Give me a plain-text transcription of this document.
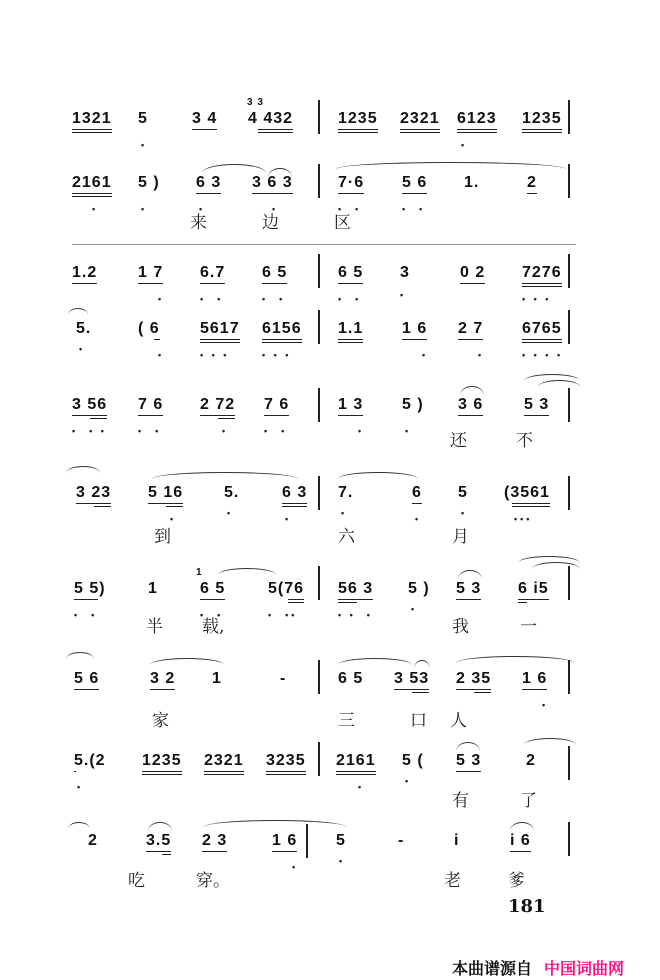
1321 5
•
3 4
3 3
4 432	1235 2321 6123
•
1235
2161
•
5 )
•
6 3
•
3 6 3
•
7·6
•  •
5 6
•  •
1.	2
来	边	区
1.2	1 7
•
6.7
•  •
6 5
•  •
6 5
•  •
3
•
0 2 7276
• • •
5.
•
( 6
•
5617
• • •
6156
• • •
1.1 1 6
•
2 7
•
6765
• • • •
3 56
•  • •
7 6
•  •
2 72
•
7 6
•  •
1 3
•
5 )
•
3 6	5 3
还	不
3 23 5 16
•
5.
•
6 3
•
7.
•
6
•
5
•
(3561
•••
到	六	月
5 5)
•  •
1
1
6 5
•  •
5(76
•  ••
56 3
• •  •
5 )
•
5 3 6 i5
半 载,	我	一
5 6	3 2 1	-	6 5 3 53 2 35 1 6
•
家	三	口 人
5.(2
•
1235 2321 3235 2161
•
5 (
•
5 3	2
有	了
2	3.5 2 3	1 6
•
5
•
-	i	i 6
吃	穿。	老	爹
181
本曲谱源自 中国词曲网
